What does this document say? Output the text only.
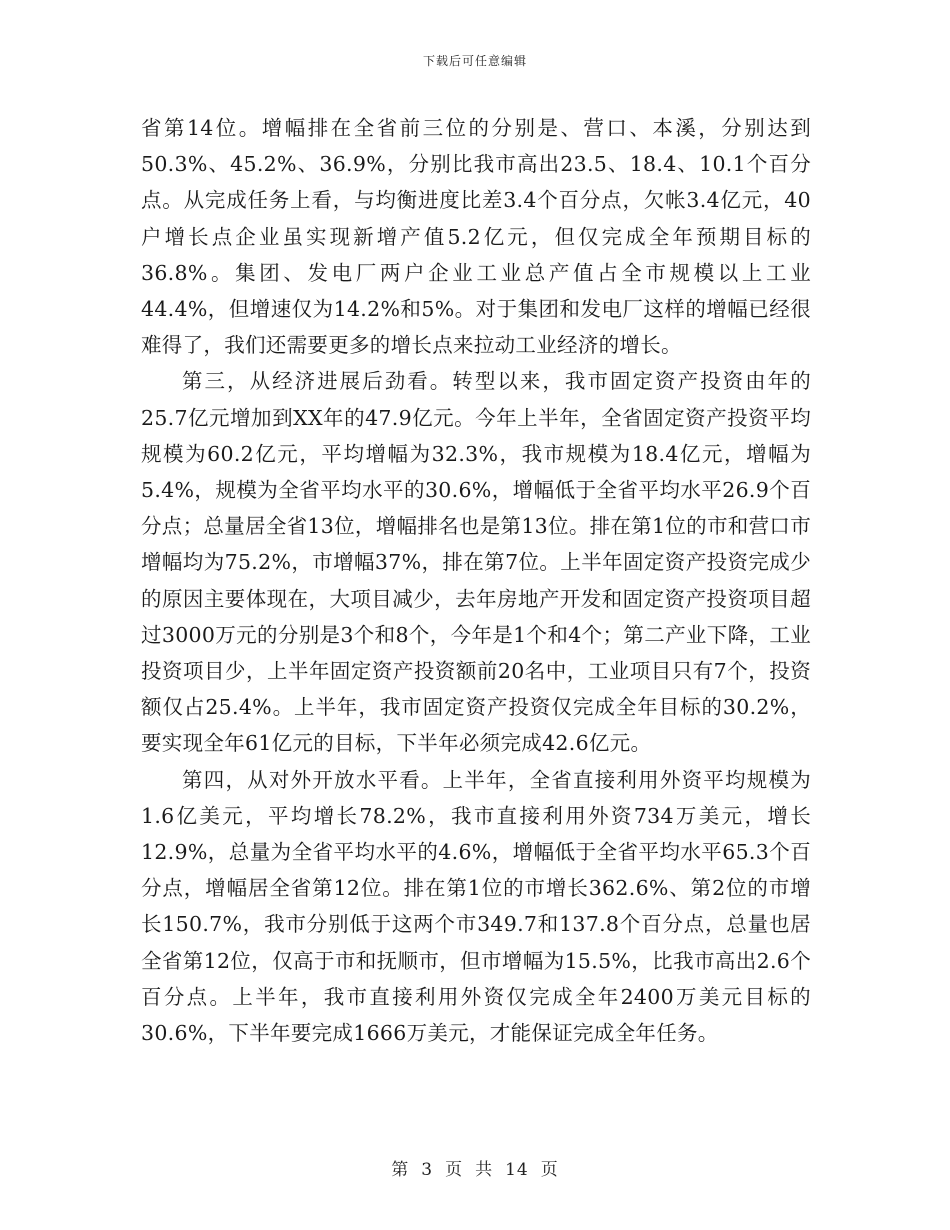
下载后可任意编辑

省第14位。增幅排在全省前三位的分别是、营口、本溪，分别达到50.3%、45.2%、36.9%，分别比我市高出23.5、18.4、10.1个百分点。从完成任务上看，与均衡进度比差3.4个百分点，欠帐3.4亿元，40户增长点企业虽实现新增产值5.2亿元，但仅完成全年预期目标的36.8%。集团、发电厂两户企业工业总产值占全市规模以上工业44.4%，但增速仅为14.2%和5%。对于集团和发电厂这样的增幅已经很难得了，我们还需要更多的增长点来拉动工业经济的增长。

第三，从经济进展后劲看。转型以来，我市固定资产投资由年的25.7亿元增加到XX年的47.9亿元。今年上半年，全省固定资产投资平均规模为60.2亿元，平均增幅为32.3%，我市规模为18.4亿元，增幅为5.4%，规模为全省平均水平的30.6%，增幅低于全省平均水平26.9个百分点；总量居全省13位，增幅排名也是第13位。排在第1位的市和营口市增幅均为75.2%，市增幅37%，排在第7位。上半年固定资产投资完成少的原因主要体现在，大项目减少，去年房地产开发和固定资产投资项目超过3000万元的分别是3个和8个，今年是1个和4个；第二产业下降，工业投资项目少，上半年固定资产投资额前20名中，工业项目只有7个，投资额仅占25.4%。上半年，我市固定资产投资仅完成全年目标的30.2%，要实现全年61亿元的目标，下半年必须完成42.6亿元。

第四，从对外开放水平看。上半年，全省直接利用外资平均规模为1.6亿美元，平均增长78.2%，我市直接利用外资734万美元，增长12.9%，总量为全省平均水平的4.6%，增幅低于全省平均水平65.3个百分点，增幅居全省第12位。排在第1位的市增长362.6%、第2位的市增长150.7%，我市分别低于这两个市349.7和137.8个百分点，总量也居全省第12位，仅高于市和抚顺市，但市增幅为15.5%，比我市高出2.6个百分点。上半年，我市直接利用外资仅完成全年2400万美元目标的30.6%，下半年要完成1666万美元，才能保证完成全年任务。

第 3 页 共 14 页
